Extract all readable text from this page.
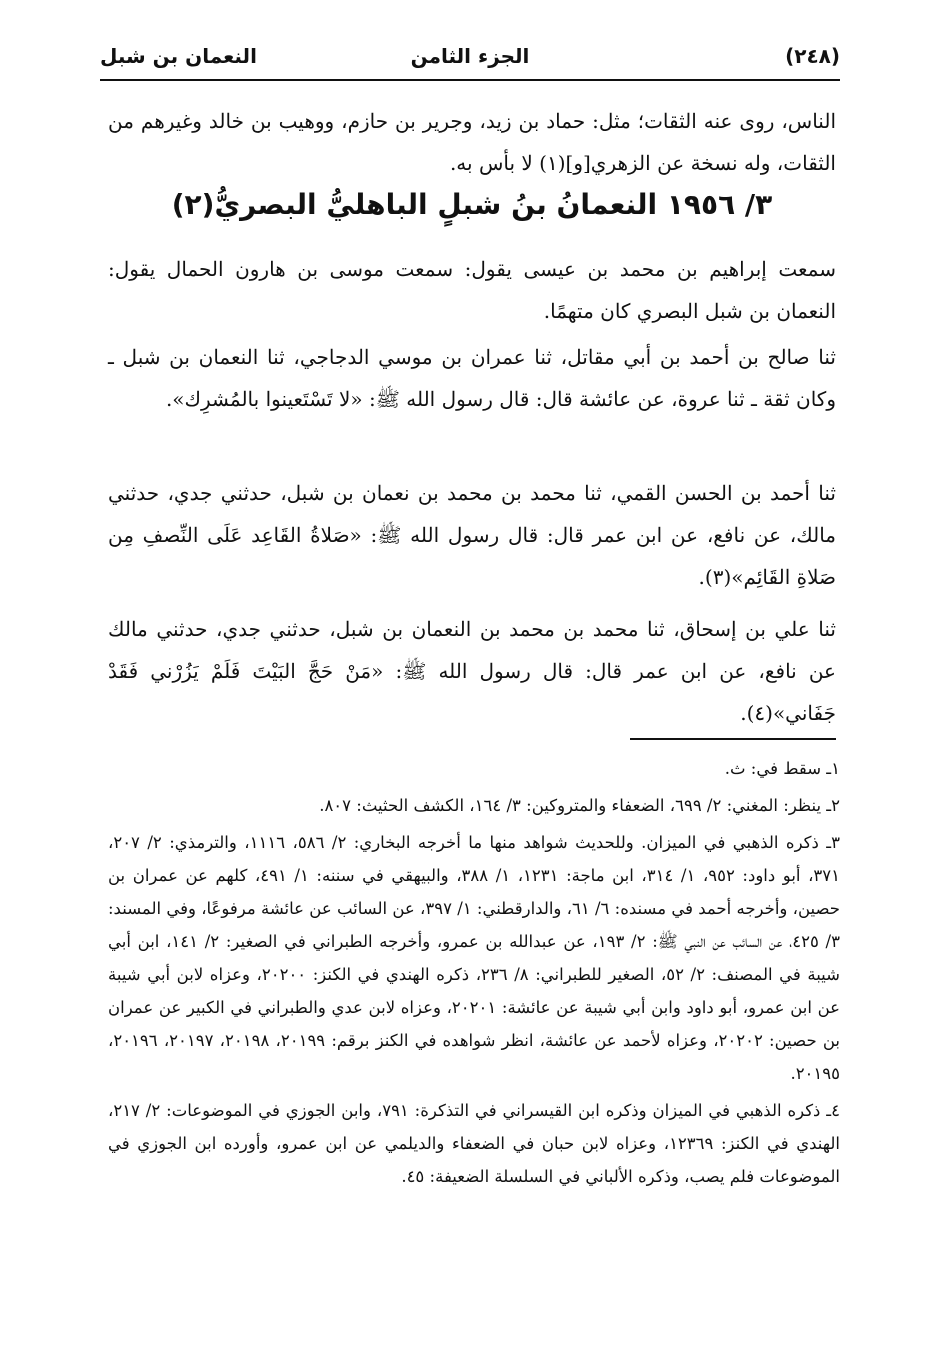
(٢٤٨)
الجزء الثامن
النعمان بن شبل

الناس، روى عنه الثقات؛ مثل: حماد بن زيد، وجرير بن حازم، ووهيب بن خالد وغيرهم من الثقات، وله نسخة عن الزهري[و](١) لا بأس به.

٣/ ١٩٥٦ النعمانُ بنُ شبلٍ الباهليُّ البصريُّ(٢)

سمعت إبراهيم بن محمد بن عيسى يقول: سمعت موسى بن هارون الحمال يقول: النعمان بن شبل البصري كان متهمًا.

ثنا صالح بن أحمد بن أبي مقاتل، ثنا عمران بن موسي الدجاجي، ثنا النعمان بن شبل ـ وكان ثقة ـ ثنا عروة، عن عائشة قال: قال رسول الله ﷺ: «لا تَسْتَعينوا بالمُشرِك».

ثنا أحمد بن الحسن القمي، ثنا محمد بن محمد بن نعمان بن شبل، حدثني جدي، حدثني مالك، عن نافع، عن ابن عمر قال: قال رسول الله ﷺ: «صَلاةُ القَاعِد عَلَى النِّصفِ مِن صَلاةِ القَائِم»(٣).

ثنا علي بن إسحاق، ثنا محمد بن محمد بن النعمان بن شبل، حدثني جدي، حدثني مالك عن نافع، عن ابن عمر قال: قال رسول الله ﷺ: «مَنْ حَجَّ البَيْتَ فَلَمْ يَزُرْني فَقَدْ جَفَاني»(٤).

١ـ سقط في: ث.

٢ـ ينظر: المغني: ٢/ ٦٩٩، الضعفاء والمتروكين: ٣/ ١٦٤، الكشف الحثيث: ٨٠٧.

٣ـ ذكره الذهبي في الميزان. وللحديث شواهد منها ما أخرجه البخاري: ٢/ ٥٨٦، ١١١٦، والترمذي: ٢/ ٢٠٧، ٣٧١، أبو داود: ٩٥٢، ١/ ٣١٤، ابن ماجة: ١٢٣١، ١/ ٣٨٨، والبيهقي في سننه: ١/ ٤٩١، كلهم عن عمران بن حصين، وأخرجه أحمد في مسنده: ٦/ ٦١، والدارقطني: ١/ ٣٩٧، عن السائب عن عائشة مرفوعًا، وفي المسند: ٣/ ٤٢٥، عن السائب عن النبي ﷺ: ٢/ ١٩٣، عن عبدالله بن عمرو، وأخرجه الطبراني في الصغير: ٢/ ١٤١، ابن أبي شيبة في المصنف: ٢/ ٥٢، الصغير للطبراني: ٨/ ٢٣٦، ذكره الهندي في الكنز: ٢٠٢٠٠، وعزاه لابن أبي شيبة عن ابن عمرو، أبو داود وابن أبي شيبة عن عائشة: ٢٠٢٠١، وعزاه لابن عدي والطبراني في الكبير عن عمران بن حصين: ٢٠٢٠٢، وعزاه لأحمد عن عائشة، انظر شواهده في الكنز برقم: ٢٠١٩٩، ٢٠١٩٨، ٢٠١٩٧، ٢٠١٩٦، ٢٠١٩٥.

٤ـ ذكره الذهبي في الميزان وذكره ابن القيسراني في التذكرة: ٧٩١، وابن الجوزي في الموضوعات: ٢/ ٢١٧، الهندي في الكنز: ١٢٣٦٩، وعزاه لابن حبان في الضعفاء والديلمي عن ابن عمرو، وأورده ابن الجوزي في الموضوعات فلم يصب، وذكره الألباني في السلسلة الضعيفة: ٤٥.
